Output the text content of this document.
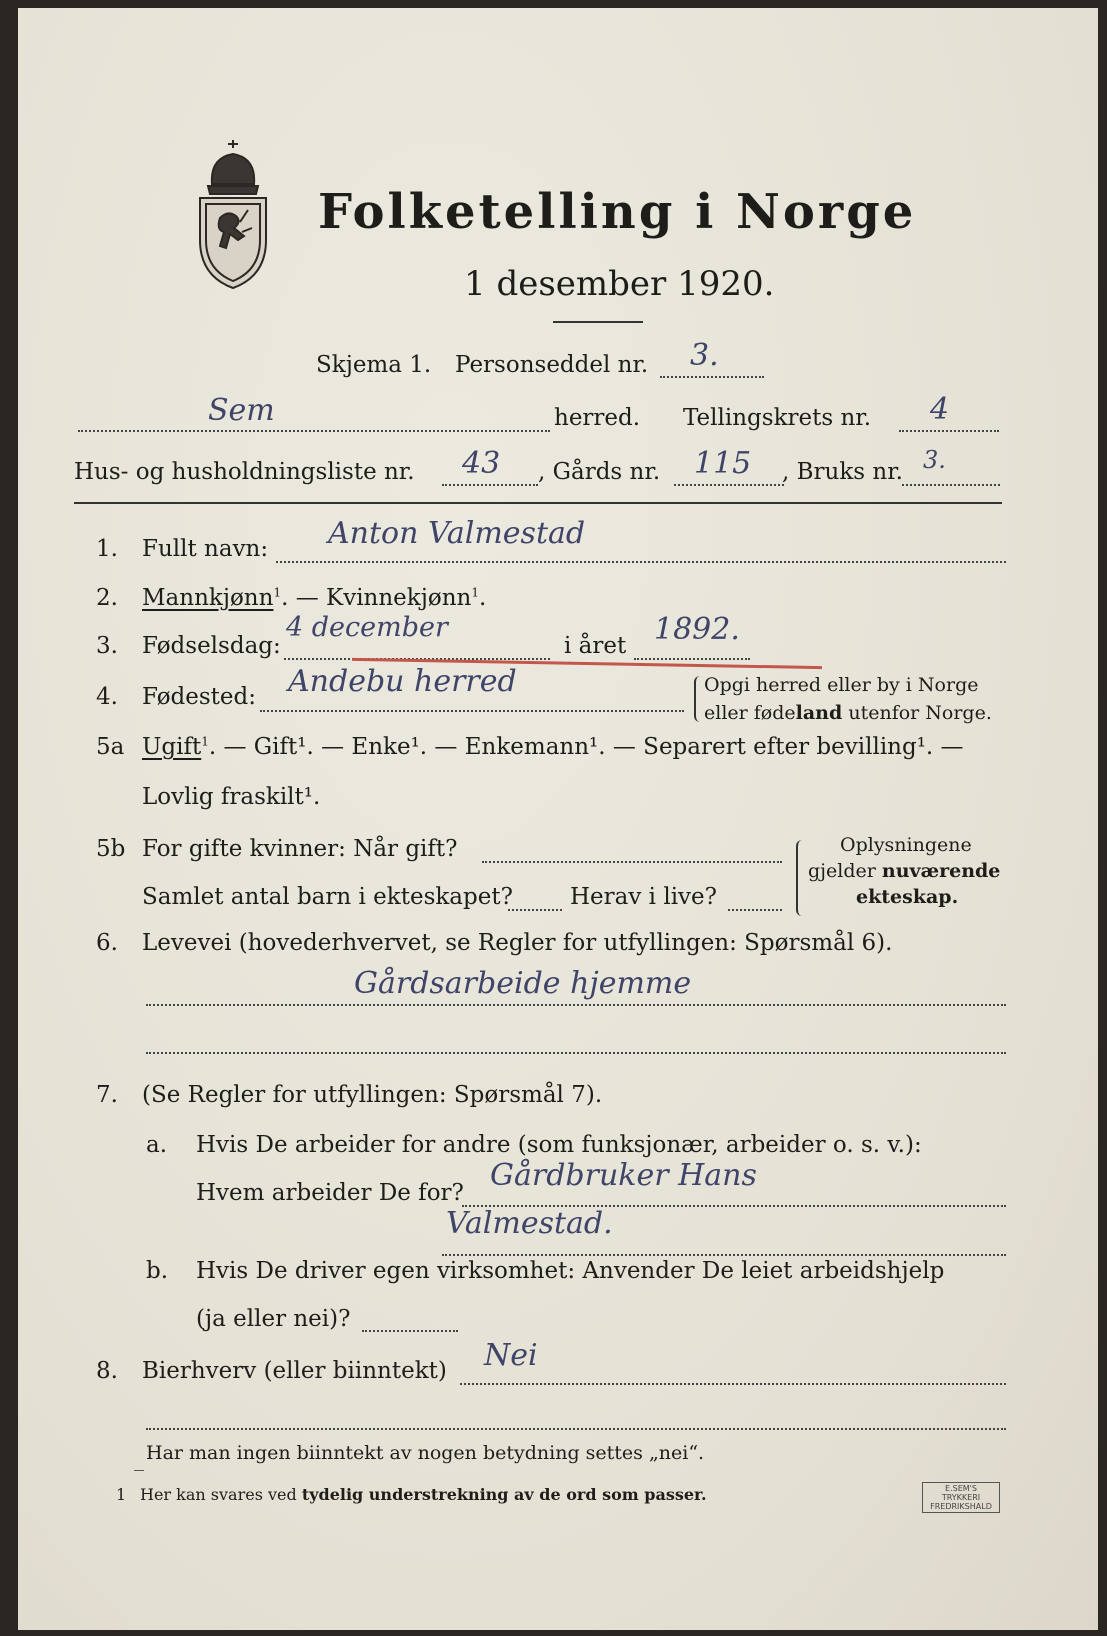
Folketelling i Norge
1 desember 1920.
Skjema 1. Personseddel nr. 3.
Sem	herred. Tellingskrets nr. 4
Hus- og husholdningsliste nr. 43 , Gårds nr. 115 , Bruks nr. 3.
1. Fullt navn: Anton Valmestad
2. Mannkjønn$^1$. — Kvinnekjønn$^1$.
3. Fødselsdag:
4 december
i året 1892.
4. Fødested: Andebu herred	Opgi herred eller by i Norge
eller fødeland utenfor Norge.
5a Ugift$^1$. — Gift¹. — Enke¹. — Enkemann¹. — Separert efter bevilling¹. —
Lovlig fraskilt¹.
5b For gifte kvinner: Når gift?
Samlet antal barn i ekteskapet? Herav i live?
Oplysningene
gjelder nuværende
ekteskap.
6. Levevei (hovederhvervet, se Regler for utfyllingen: Spørsmål 6).
Gårdsarbeide hjemme
7. (Se Regler for utfyllingen: Spørsmål 7).
a. Hvis De arbeider for andre (som funksjonær, arbeider o. s. v.):
Hvem arbeider De for? Gårdbruker Hans
Valmestad.
b. Hvis De driver egen virksomhet: Anvender De leiet arbeidshjelp
(ja eller nei)?
8. Bierhverv (eller biinntekt) Nei
Har man ingen biinntekt av nogen betydning settes „nei“.
1 Her kan svares ved tydelig understrekning av de ord som passer.	E.SEM'S TRYKKERI
FREDRIKSHALD
